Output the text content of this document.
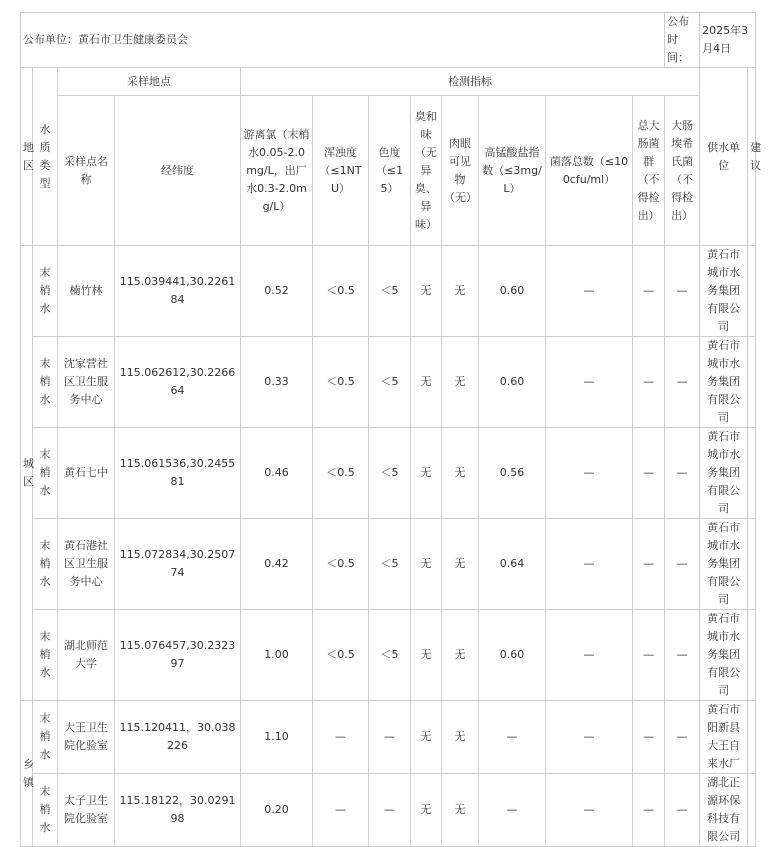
公布单位：黄石市卫生健康委员会												公布时间：	2025年3月4日	
地区	水质类型	采样地点		检测指标									供水单位	建议
		采样点名称	经纬度	游离氯（末梢水0.05-2.0mg/L，出厂水0.3-2.0mg/L）	浑浊度（≤1NTU）	色度（≤15）	臭和味（无异臭、异味）	肉眼可见物（无）	高锰酸盐指数（≤3mg/L）	菌落总数（≤100cfu/ml）	总大肠菌群（不得检出）	大肠埃希氏菌（不得检出）		
城区	末梢水	楠竹林	115.039441,30.226184	0.52	＜0.5	＜5	无	无	0.60	—	—	—	黄石市城市水务集团有限公司	
	末梢水	沈家营社区卫生服务中心	115.062612,30.226664	0.33	＜0.5	＜5	无	无	0.60	—	—	—	黄石市城市水务集团有限公司	
	末梢水	黄石七中	115.061536,30.245581	0.46	＜0.5	＜5	无	无	0.56	—	—	—	黄石市城市水务集团有限公司	
	末梢水	黄石港社区卫生服务中心	115.072834,30.250774	0.42	＜0.5	＜5	无	无	0.64	—	—	—	黄石市城市水务集团有限公司	
	末梢水	湖北师范大学	115.076457,30.232397	1.00	＜0.5	＜5	无	无	0.60	—	—	—	黄石市城市水务集团有限公司	
乡镇	末梢水	大王卫生院化验室	115.120411，30.038226	1.10	—	—	无	无	—	—	—	—	黄石市阳新县大王自来水厂	
	末梢水	太子卫生院化验室	115.18122，30.029198	0.20	—	—	无	无	—	—	—	—	湖北正源环保科技有限公司	
